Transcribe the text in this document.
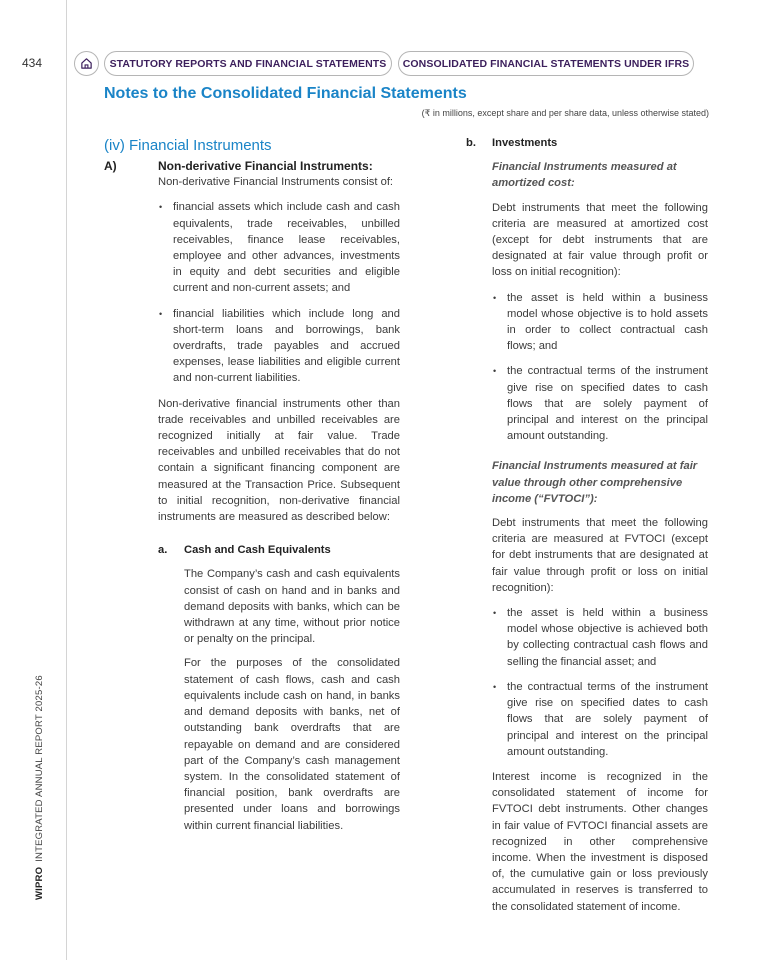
434
WIPROINTEGRATED ANNUAL REPORT 2025-26
STATUTORY REPORTS AND FINANCIAL STATEMENTS	CONSOLIDATED FINANCIAL STATEMENTS UNDER IFRS
Notes to the Consolidated Financial Statements
(₹ in millions, except share and per share data, unless otherwise stated)
(iv) Financial Instruments
A)	Non-derivative Financial Instruments:

Non-derivative Financial Instruments consist of:

• financial assets which include cash and cash equivalents, trade receivables, unbilled receivables, finance lease receivables, employee and other advances, investments in equity and debt securities and eligible current and non-current assets; and
• financial liabilities which include long and short-term loans and borrowings, bank overdrafts, trade payables and accrued expenses, lease liabilities and eligible current and non-current liabilities.

Non-derivative financial instruments other than trade receivables and unbilled receivables are recognized initially at fair value. Trade receivables and unbilled receivables that do not contain a significant financing component are measured at the Transaction Price. Subsequent to initial recognition, non-derivative financial instruments are measured as described below:

a.	Cash and Cash Equivalents

The Company’s cash and cash equivalents consist of cash on hand and in banks and demand deposits with banks, which can be withdrawn at any time, without prior notice or penalty on the principal.

For the purposes of the consolidated statement of cash flows, cash and cash equivalents include cash on hand, in banks and demand deposits with banks, net of outstanding bank overdrafts that are repayable on demand and are considered part of the Company’s cash management system. In the consolidated statement of financial position, bank overdrafts are presented under loans and borrowings within current financial liabilities.

b.	Investments

Financial Instruments measured at amortized cost:

Debt instruments that meet the following criteria are measured at amortized cost (except for debt instruments that are designated at fair value through profit or loss on initial recognition):

• the asset is held within a business model whose objective is to hold assets in order to collect contractual cash flows; and
• the contractual terms of the instrument give rise on specified dates to cash flows that are solely payment of principal and interest on the principal amount outstanding.

Financial Instruments measured at fair value through other comprehensive income (“FVTOCI”):

Debt instruments that meet the following criteria are measured at FVTOCI (except for debt instruments that are designated at fair value through profit or loss on initial recognition):

• the asset is held within a business model whose objective is achieved both by collecting contractual cash flows and selling the financial asset; and
• the contractual terms of the instrument give rise on specified dates to cash flows that are solely payment of principal and interest on the principal amount outstanding.

Interest income is recognized in the consolidated statement of income for FVTOCI debt instruments. Other changes in fair value of FVTOCI financial assets are recognized in other comprehensive income. When the investment is disposed of, the cumulative gain or loss previously accumulated in reserves is transferred to the consolidated statement of income.
